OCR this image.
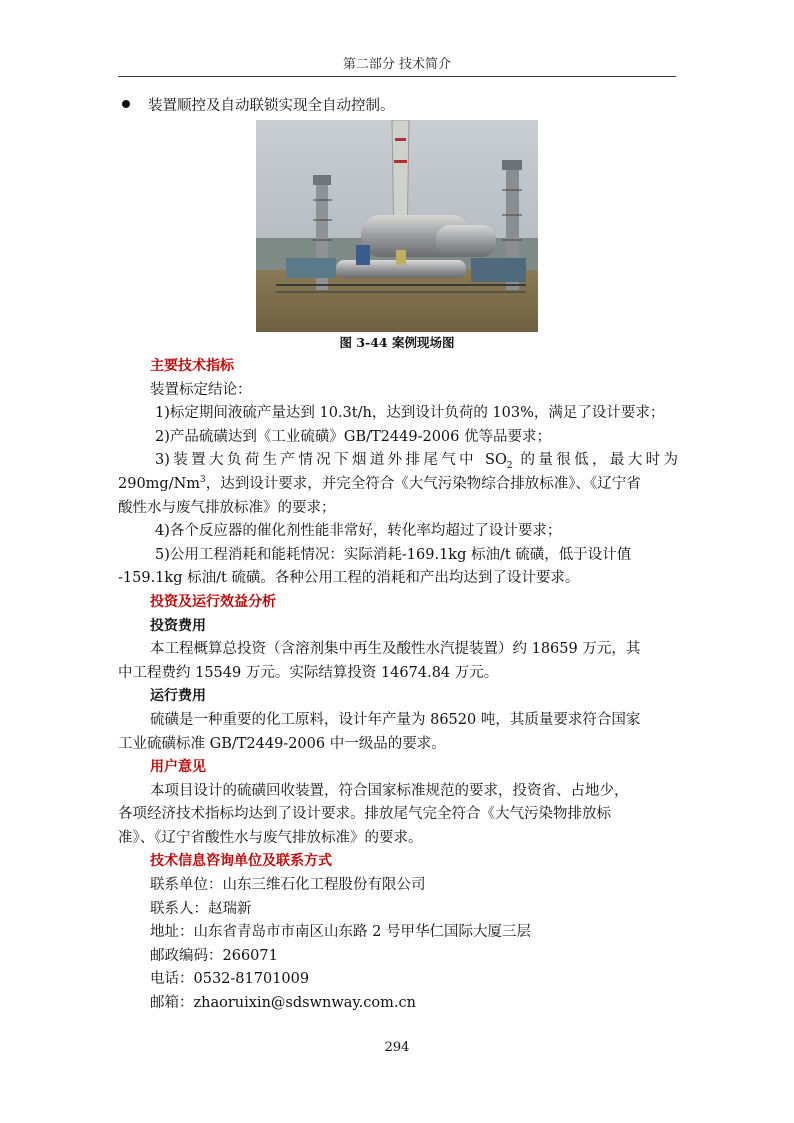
第二部分 技术简介
装置顺控及自动联锁实现全自动控制。
图 3-44 案例现场图
主要技术指标
装置标定结论：
1)标定期间液硫产量达到 10.3t/h，达到设计负荷的 103%，满足了设计要求；
2)产品硫磺达到《工业硫磺》GB/T2449-2006 优等品要求；
3)装置大负荷生产情况下烟道外排尾气中 $SO_2$ 的量很低，最大时为
290mg/Nm$^3$，达到设计要求，并完全符合《大气污染物综合排放标准》、《辽宁省
酸性水与废气排放标准》的要求；
4)各个反应器的催化剂性能非常好，转化率均超过了设计要求；
5)公用工程消耗和能耗情况：实际消耗-169.1kg 标油/t 硫磺，低于设计值
-159.1kg 标油/t 硫磺。各种公用工程的消耗和产出均达到了设计要求。
投资及运行效益分析
投资费用
本工程概算总投资（含溶剂集中再生及酸性水汽提装置）约 18659 万元，其
中工程费约 15549 万元。实际结算投资 14674.84 万元。
运行费用
硫磺是一种重要的化工原料，设计年产量为 86520 吨，其质量要求符合国家
工业硫磺标准 GB/T2449-2006 中一级品的要求。
用户意见
本项目设计的硫磺回收装置，符合国家标准规范的要求，投资省、占地少，
各项经济技术指标均达到了设计要求。排放尾气完全符合《大气污染物排放标
准》、《辽宁省酸性水与废气排放标准》的要求。
技术信息咨询单位及联系方式
联系单位：山东三维石化工程股份有限公司
联系人：赵瑞新
地址：山东省青岛市市南区山东路 2 号甲华仁国际大厦三层
邮政编码：266071
电话：0532-81701009
邮箱：zhaoruixin@sdswnway.com.cn
294
